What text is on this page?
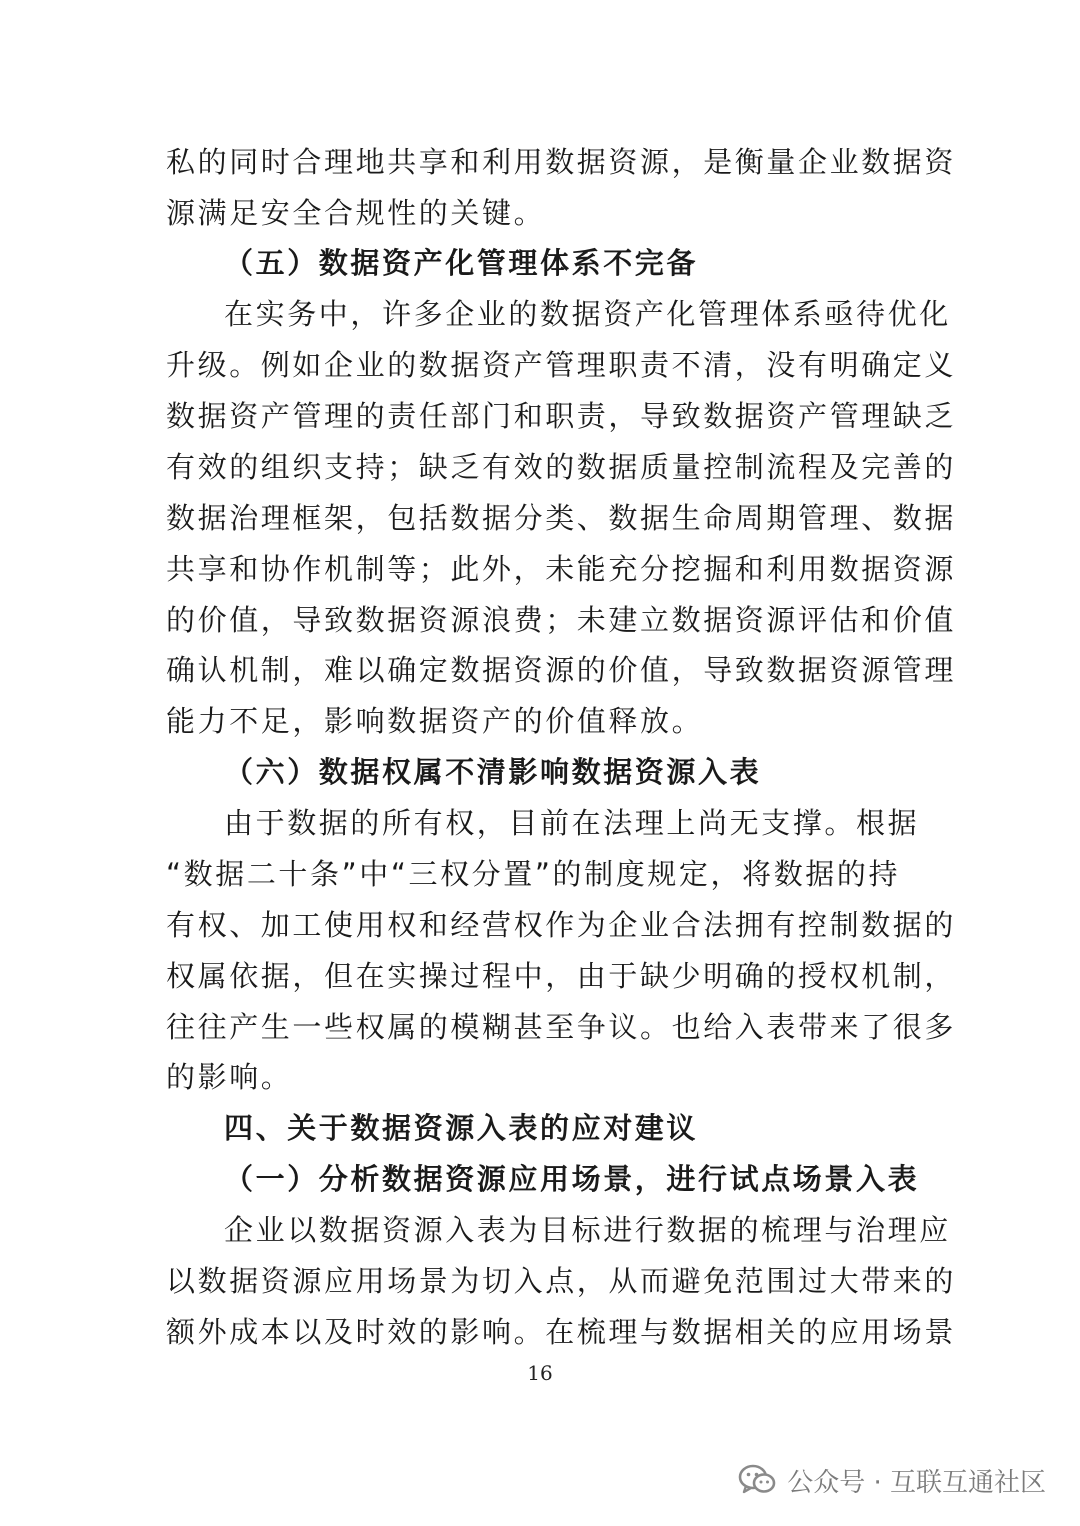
私的同时合理地共享和利用数据资源，是衡量企业数据资
源满足安全合规性的关键。
（五）数据资产化管理体系不完备
在实务中，许多企业的数据资产化管理体系亟待优化
升级。例如企业的数据资产管理职责不清，没有明确定义
数据资产管理的责任部门和职责，导致数据资产管理缺乏
有效的组织支持；缺乏有效的数据质量控制流程及完善的
数据治理框架，包括数据分类、数据生命周期管理、数据
共享和协作机制等；此外，未能充分挖掘和利用数据资源
的价值，导致数据资源浪费；未建立数据资源评估和价值
确认机制，难以确定数据资源的价值，导致数据资源管理
能力不足，影响数据资产的价值释放。
（六）数据权属不清影响数据资源入表
由于数据的所有权，目前在法理上尚无支撑。根据
“数据二十条”中“三权分置”的制度规定，将数据的持
有权、加工使用权和经营权作为企业合法拥有控制数据的
权属依据，但在实操过程中，由于缺少明确的授权机制，
往往产生一些权属的模糊甚至争议。也给入表带来了很多
的影响。
四、关于数据资源入表的应对建议
（一）分析数据资源应用场景，进行试点场景入表
企业以数据资源入表为目标进行数据的梳理与治理应
以数据资源应用场景为切入点，从而避免范围过大带来的
额外成本以及时效的影响。在梳理与数据相关的应用场景
16
公众号 · 互联互通社区
